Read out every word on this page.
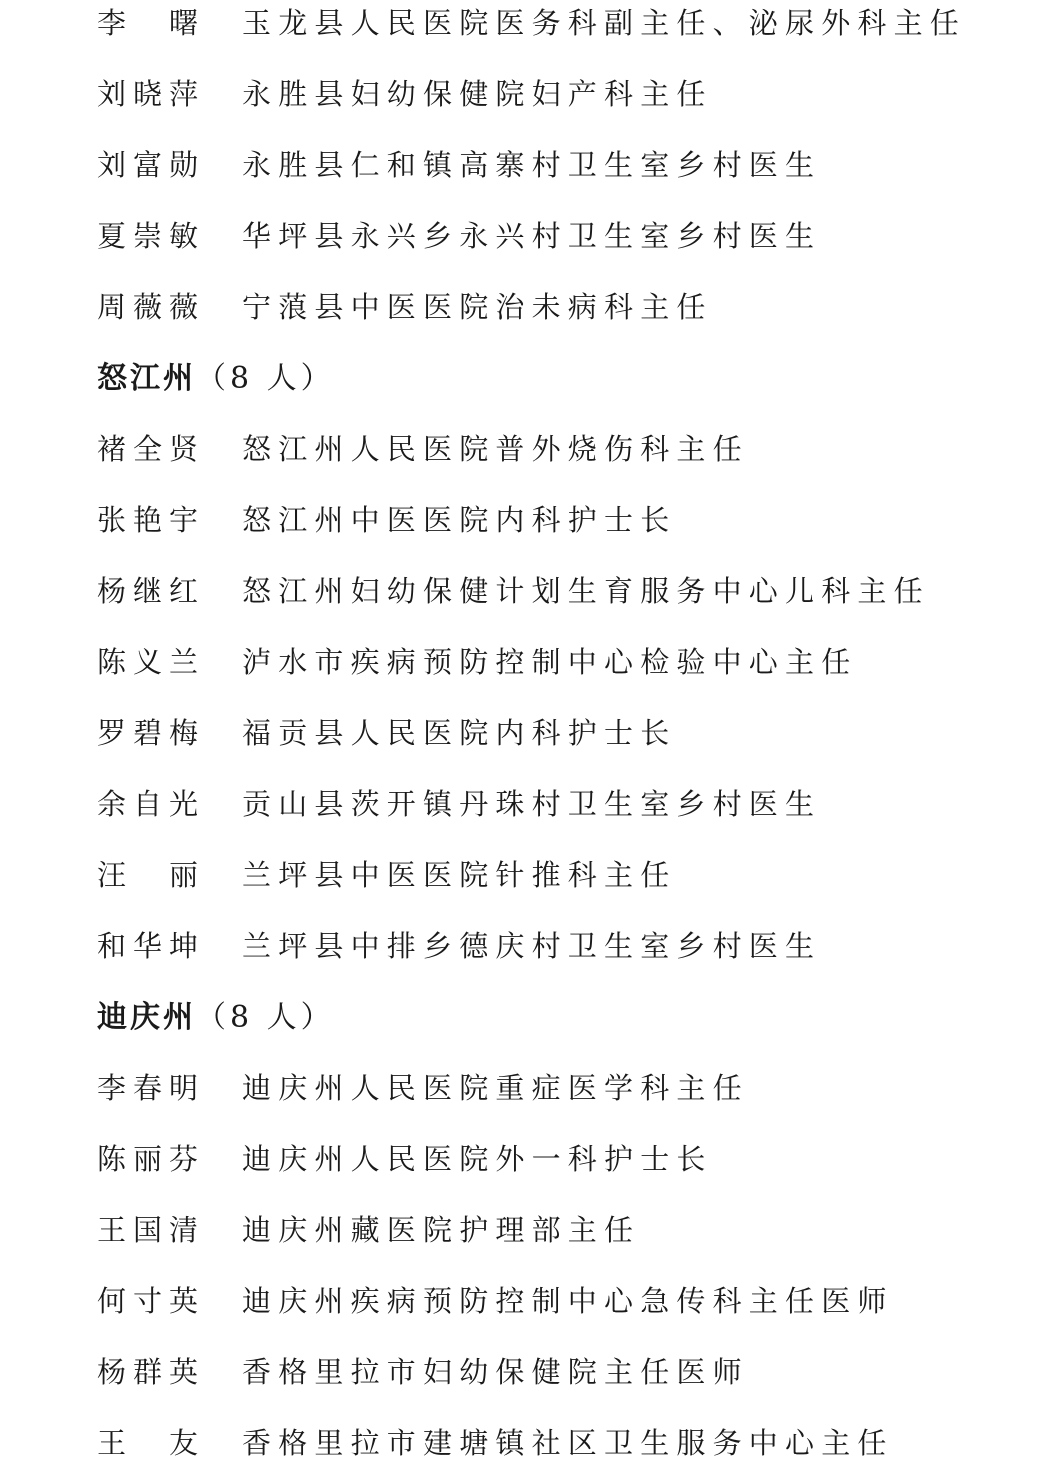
李　曙 玉龙县人民医院医务科副主任、泌尿外科主任
刘晓萍 永胜县妇幼保健院妇产科主任
刘富勋 永胜县仁和镇高寨村卫生室乡村医生
夏崇敏 华坪县永兴乡永兴村卫生室乡村医生
周薇薇 宁蒗县中医医院治未病科主任
怒江州（8 人）
褚全贤 怒江州人民医院普外烧伤科主任
张艳宇 怒江州中医医院内科护士长
杨继红 怒江州妇幼保健计划生育服务中心儿科主任
陈义兰 泸水市疾病预防控制中心检验中心主任
罗碧梅 福贡县人民医院内科护士长
余自光 贡山县茨开镇丹珠村卫生室乡村医生
汪　丽 兰坪县中医医院针推科主任
和华坤 兰坪县中排乡德庆村卫生室乡村医生
迪庆州（8 人）
李春明 迪庆州人民医院重症医学科主任
陈丽芬 迪庆州人民医院外一科护士长
王国清 迪庆州藏医院护理部主任
何寸英 迪庆州疾病预防控制中心急传科主任医师
杨群英 香格里拉市妇幼保健院主任医师
王　友 香格里拉市建塘镇社区卫生服务中心主任
